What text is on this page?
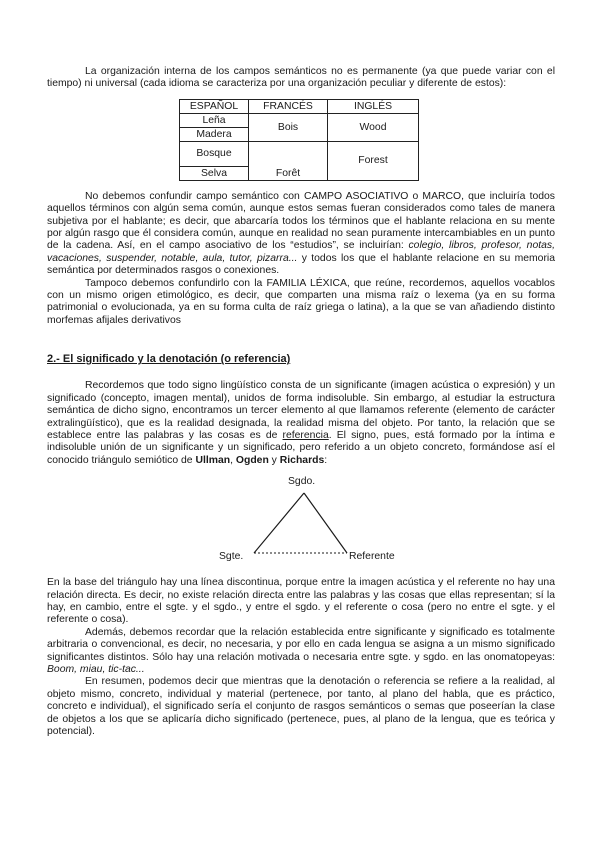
La organización interna de los campos semánticos no es permanente (ya que puede variar con el tiempo) ni universal (cada idioma se caracteriza por una organización peculiar y diferente de estos):

ESPAÑOL	FRANCÉS	INGLÉS
Leña	Bois	Wood
Madera		
Bosque		Forest
	Forêt	
Selva		

No debemos confundir campo semántico con CAMPO ASOCIATIVO o MARCO, que incluiría todos aquellos términos con algún sema común, aunque estos semas fueran considerados como tales de manera subjetiva por el hablante; es decir, que abarcaría todos los términos que el hablante relaciona en su mente por algún rasgo que él considera común, aunque en realidad no sean puramente intercambiables en un punto de la cadena. Así, en el campo asociativo de los “estudios”, se incluirían: colegio, libros, profesor, notas, vacaciones, suspender, notable, aula, tutor, pizarra... y todos los que el hablante relacione en su memoria semántica por determinados rasgos o conexiones.

Tampoco debemos confundirlo con la FAMILIA LÉXICA, que reúne, recordemos, aquellos vocablos con un mismo origen etimológico, es decir, que comparten una misma raíz o lexema (ya en su forma patrimonial o evolucionada, ya en su forma culta de raíz griega o latina), a la que se van añadiendo distinto morfemas afijales derivativos

2.- El significado y la denotación (o referencia)

Recordemos que todo signo lingüístico consta de un significante (imagen acústica o expresión) y un significado (concepto, imagen mental), unidos de forma indisoluble. Sin embargo, al estudiar la estructura semántica de dicho signo, encontramos un tercer elemento al que llamamos referente (elemento de carácter extralingüístico), que es la realidad designada, la realidad misma del objeto. Por tanto, la relación que se establece entre las palabras y las cosas es de referencia. El signo, pues, está formado por la íntima e indisoluble unión de un significante y un significado, pero referido a un objeto concreto, formándose así el conocido triángulo semiótico de Ullman, Ogden y Richards:

Sgdo.
Sgte.	Referente

En la base del triángulo hay una línea discontinua, porque entre la imagen acústica y el referente no hay una relación directa. Es decir, no existe relación directa entre las palabras y las cosas que ellas representan; sí la hay, en cambio, entre el sgte. y el sgdo., y entre el sgdo. y el referente o cosa (pero no entre el sgte. y el referente o cosa).

Además, debemos recordar que la relación establecida entre significante y significado es totalmente arbitraria o convencional, es decir, no necesaria, y por ello en cada lengua se asigna a un mismo significado significantes distintos. Sólo hay una relación motivada o necesaria entre sgte. y sgdo. en las onomatopeyas: Boom, miau, tic-tac...

En resumen, podemos decir que mientras que la denotación o referencia se refiere a la realidad, al objeto mismo, concreto, individual y material (pertenece, por tanto, al plano del habla, que es práctico, concreto e individual), el significado sería el conjunto de rasgos semánticos o semas que poseerían la clase de objetos a los que se aplicaría dicho significado (pertenece, pues, al plano de la lengua, que es teórica y potencial).
